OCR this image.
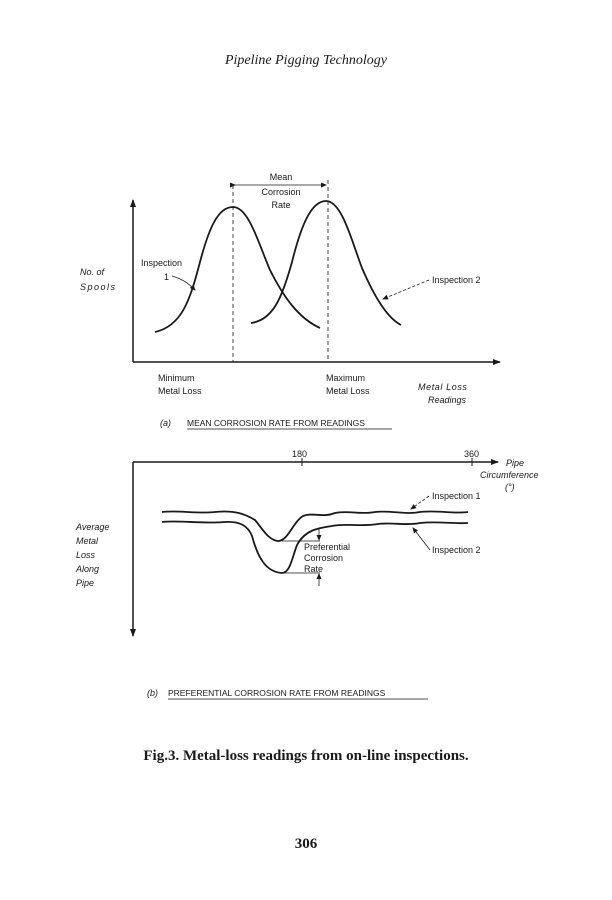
Pipeline Pigging Technology
Mean
Corrosion
Rate
Inspection
1	Inspection 2
No. of
Spools
Minimum
Metal Loss
Maximum
Metal Loss	Metal Loss
Readings
(a) MEAN CORROSION RATE FROM READINGS
180	360
Pipe
Circumference
(°)
Preferential
Corrosion
Rate
Inspection 1
Inspection 2
Average
Metal
Loss
Along
Pipe
(b) PREFERENTIAL CORROSION RATE FROM READINGS
Fig.3. Metal-loss readings from on-line inspections.
306
